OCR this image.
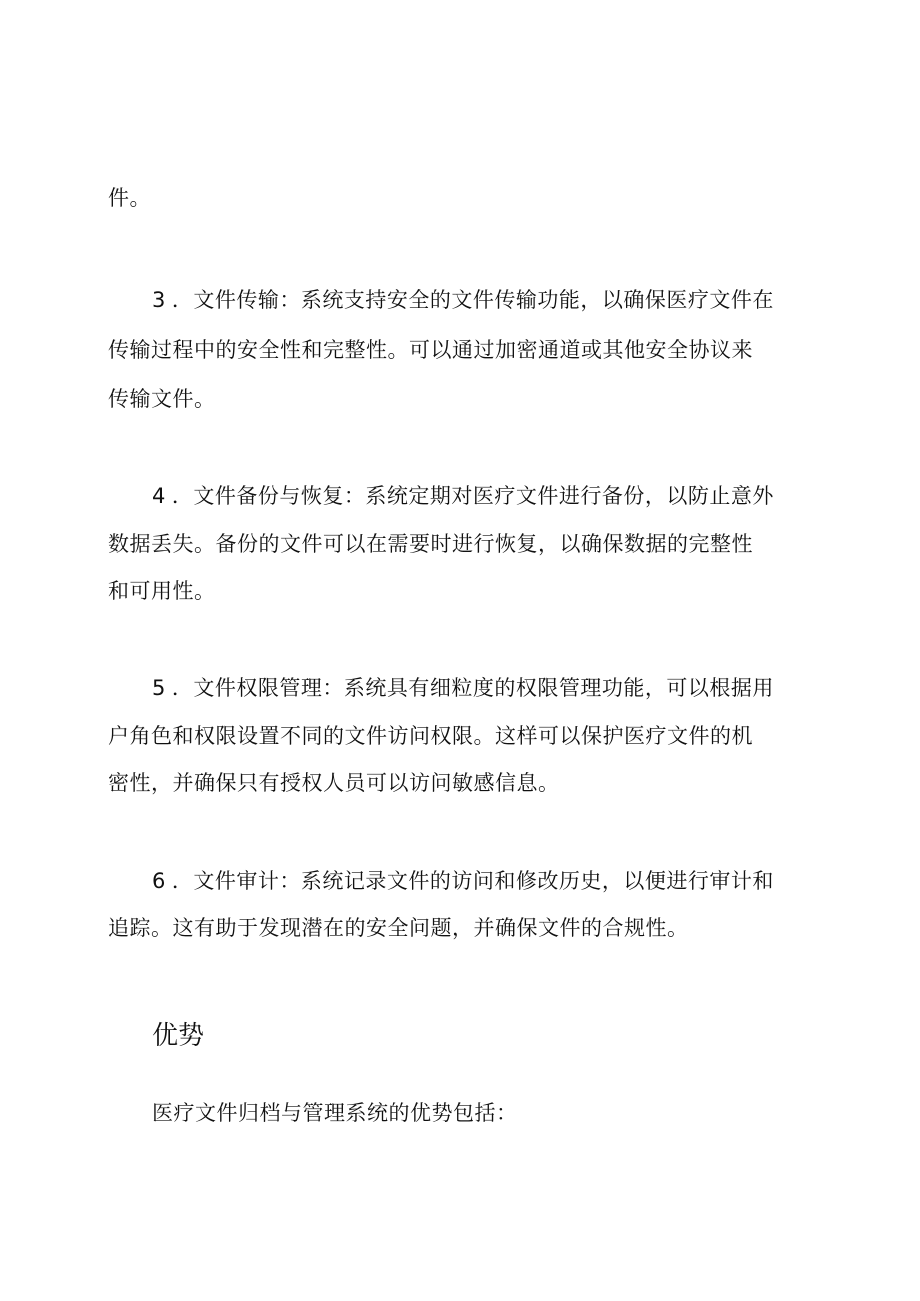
件。
3 ．文件传输：系统支持安全的文件传输功能，以确保医疗文件在
传输过程中的安全性和完整性。可以通过加密通道或其他安全协议来
传输文件。
4 ．文件备份与恢复：系统定期对医疗文件进行备份，以防止意外
数据丢失。备份的文件可以在需要时进行恢复，以确保数据的完整性
和可用性。
5 ．文件权限管理：系统具有细粒度的权限管理功能，可以根据用
户角色和权限设置不同的文件访问权限。这样可以保护医疗文件的机
密性，并确保只有授权人员可以访问敏感信息。
6 ．文件审计：系统记录文件的访问和修改历史，以便进行审计和
追踪。这有助于发现潜在的安全问题，并确保文件的合规性。
优势
医疗文件归档与管理系统的优势包括：
